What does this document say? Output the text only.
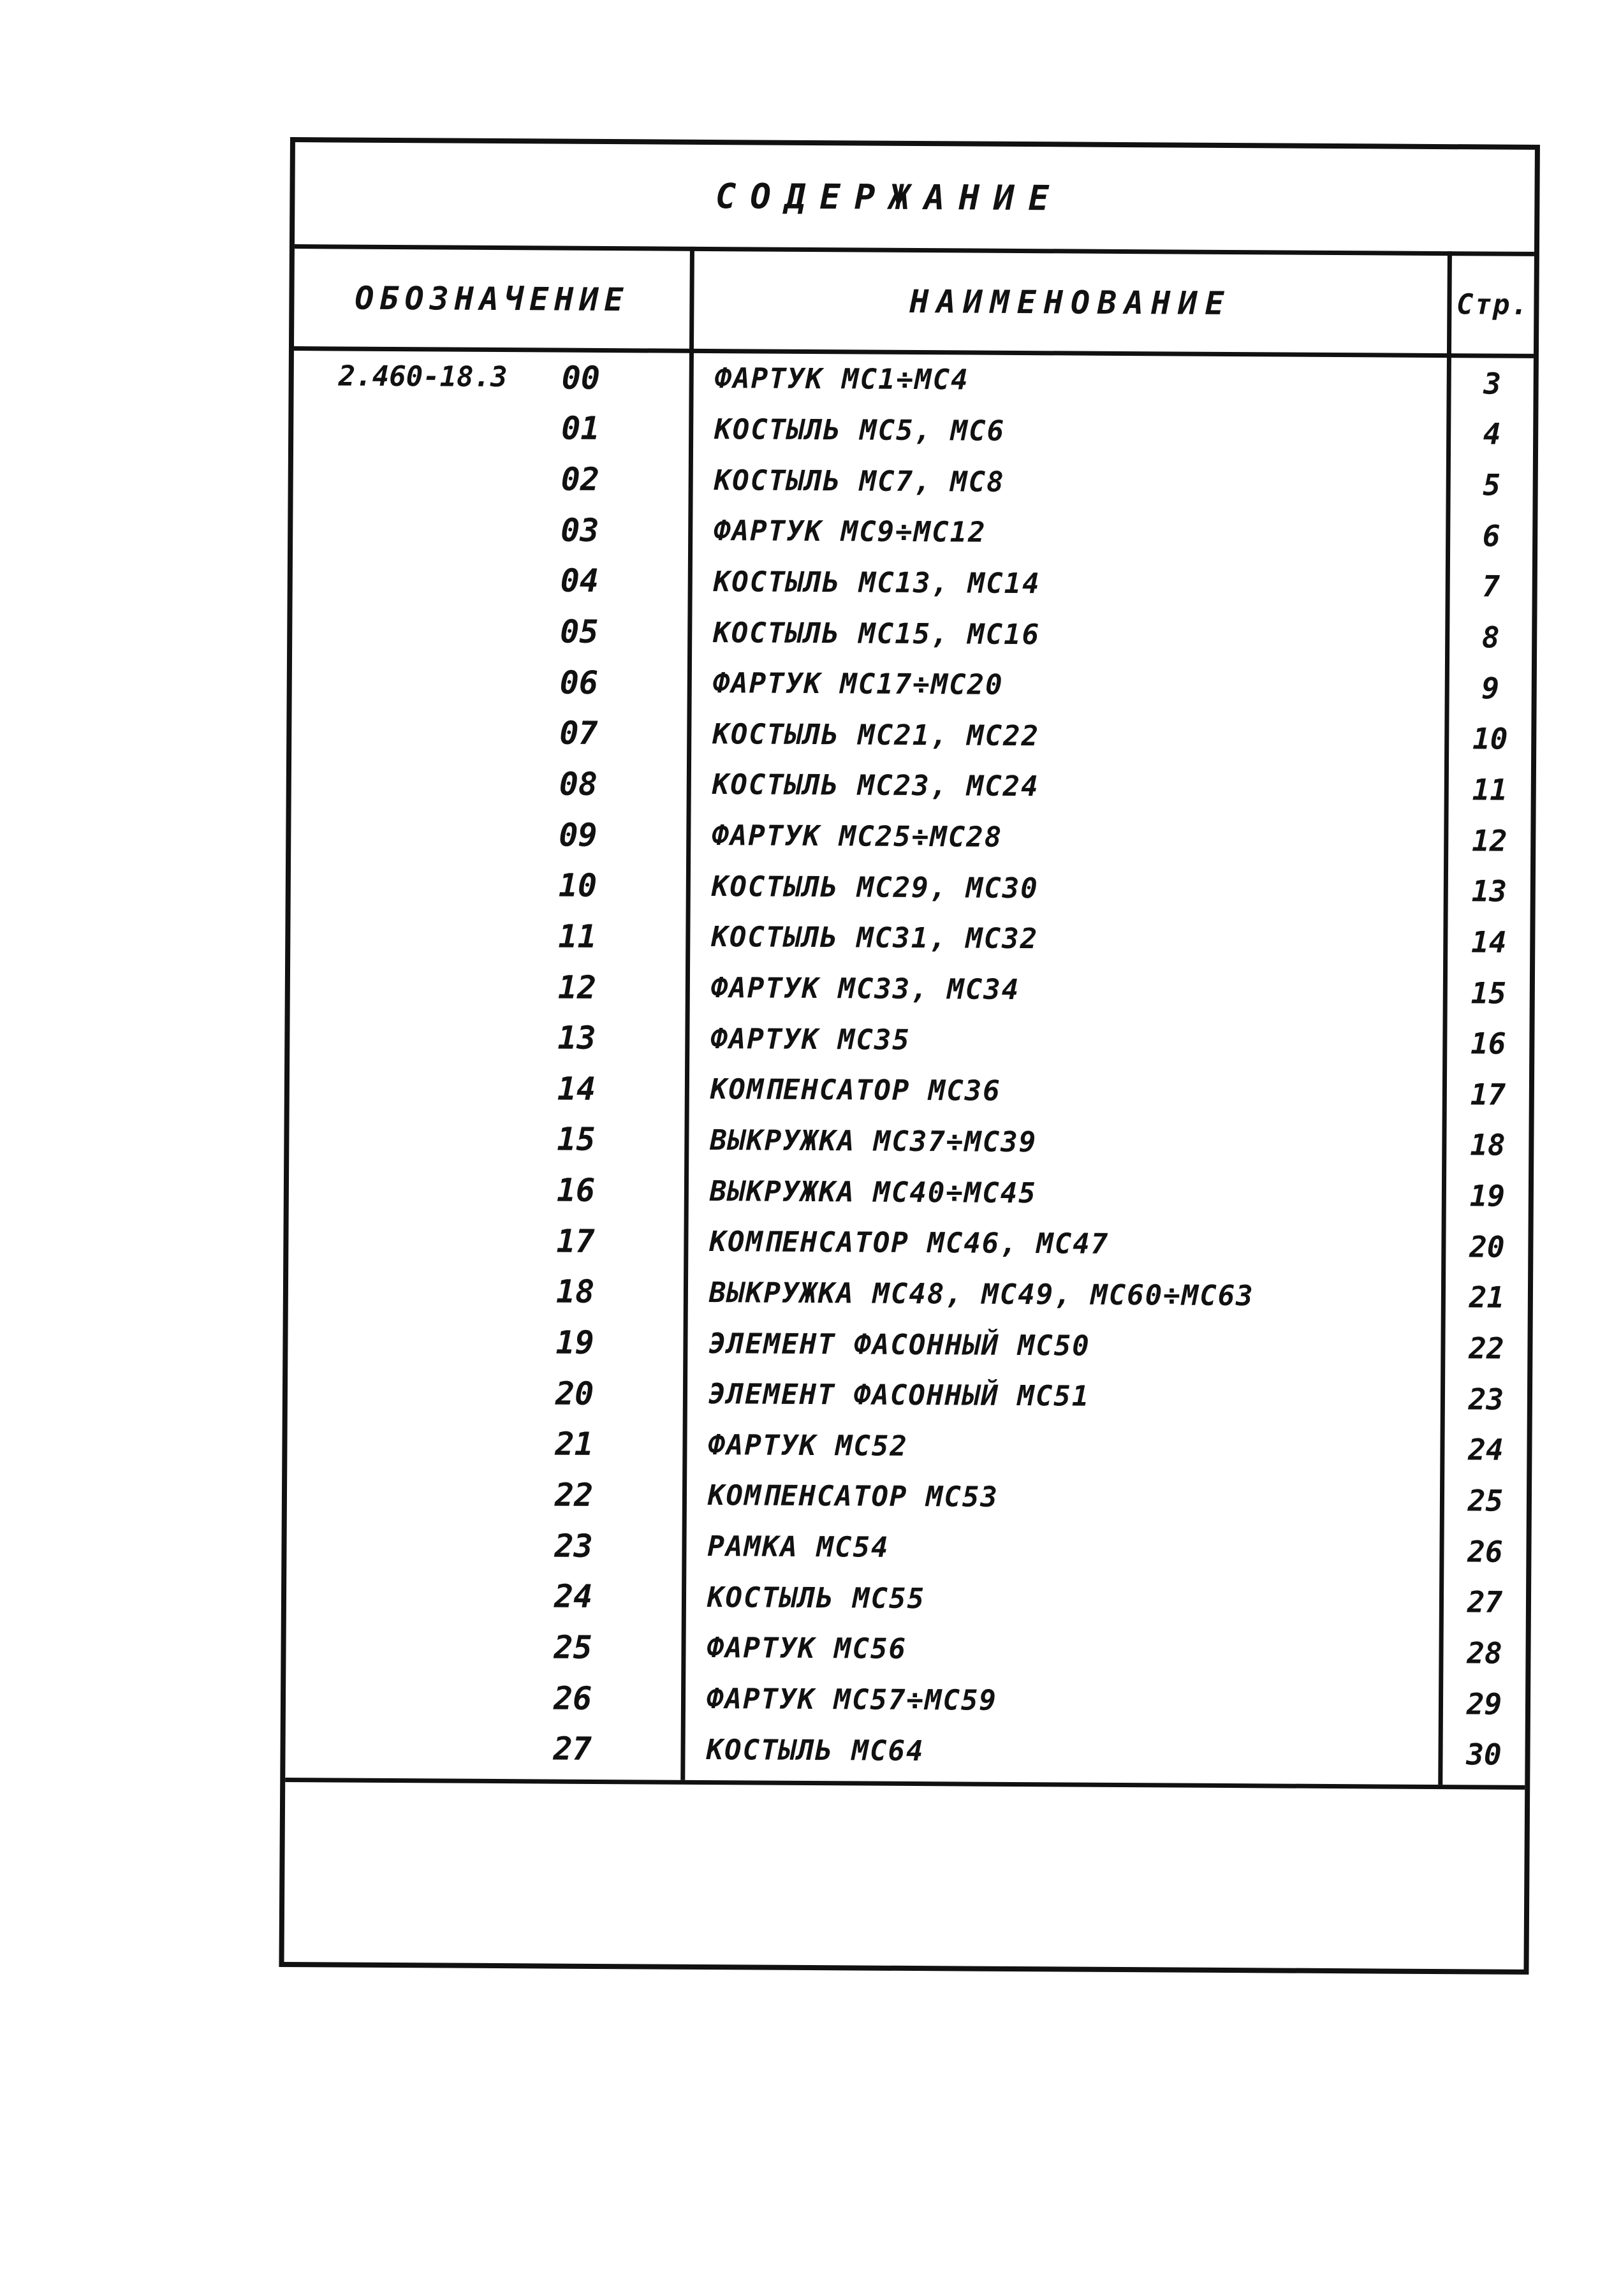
СОДЕРЖАНИЕ
ОБОЗНАЧЕНИЕ	НАИМЕНОВАНИЕ	Стр.
2.460-18.3 00	ФАРТУК МС1÷МС4	3
01	КОСТЫЛЬ МС5, МС6	4
02	КОСТЫЛЬ МС7, МС8	5
03	ФАРТУК МС9÷МС12	6
04	КОСТЫЛЬ МС13, МС14	7
05	КОСТЫЛЬ МС15, МС16	8
06	ФАРТУК МС17÷МС20	9
07	КОСТЫЛЬ МС21, МС22	10
08	КОСТЫЛЬ МС23, МС24	11
09	ФАРТУК МС25÷МС28	12
10	КОСТЫЛЬ МС29, МС30	13
11	КОСТЫЛЬ МС31, МС32	14
12	ФАРТУК МС33, МС34	15
13	ФАРТУК МС35	16
14	КОМПЕНСАТОР МС36	17
15	ВЫКРУЖКА МС37÷МС39	18
16	ВЫКРУЖКА МС40÷МС45	19
17	КОМПЕНСАТОР МС46, МС47	20
18	ВЫКРУЖКА МС48, МС49, МС60÷МС63	21
19	ЭЛЕМЕНТ ФАСОННЫЙ МС50	22
20	ЭЛЕМЕНТ ФАСОННЫЙ МС51	23
21	ФАРТУК МС52	24
22	КОМПЕНСАТОР МС53	25
23	РАМКА МС54	26
24	КОСТЫЛЬ МС55	27
25	ФАРТУК МС56	28
26	ФАРТУК МС57÷МС59	29
27	КОСТЫЛЬ МС64	30
